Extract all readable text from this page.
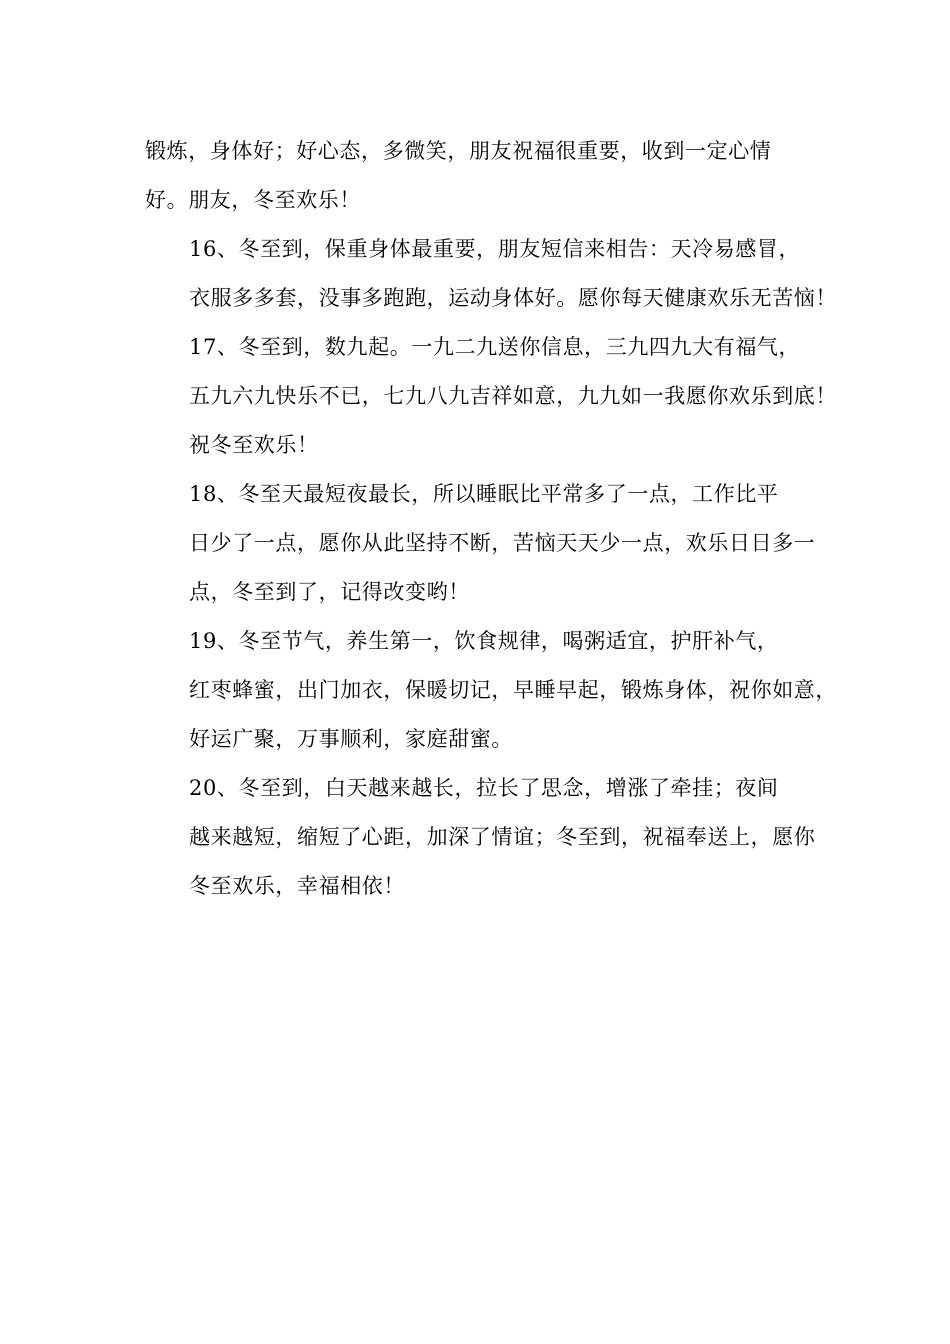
锻炼，身体好；好心态，多微笑，朋友祝福很重要，收到一定心情
好。朋友，冬至欢乐！

16、冬至到，保重身体最重要，朋友短信来相告：天冷易感冒，
衣服多多套，没事多跑跑，运动身体好。愿你每天健康欢乐无苦恼！

17、冬至到，数九起。一九二九送你信息，三九四九大有福气，
五九六九快乐不已，七九八九吉祥如意，九九如一我愿你欢乐到底！
祝冬至欢乐！

18、冬至天最短夜最长，所以睡眠比平常多了一点，工作比平
日少了一点，愿你从此坚持不断，苦恼天天少一点，欢乐日日多一
点，冬至到了，记得改变哟！

19、冬至节气，养生第一，饮食规律，喝粥适宜，护肝补气，
红枣蜂蜜，出门加衣，保暖切记，早睡早起，锻炼身体，祝你如意，
好运广聚，万事顺利，家庭甜蜜。

20、冬至到，白天越来越长，拉长了思念，增涨了牵挂；夜间
越来越短，缩短了心距，加深了情谊；冬至到，祝福奉送上，愿你
冬至欢乐，幸福相依！
